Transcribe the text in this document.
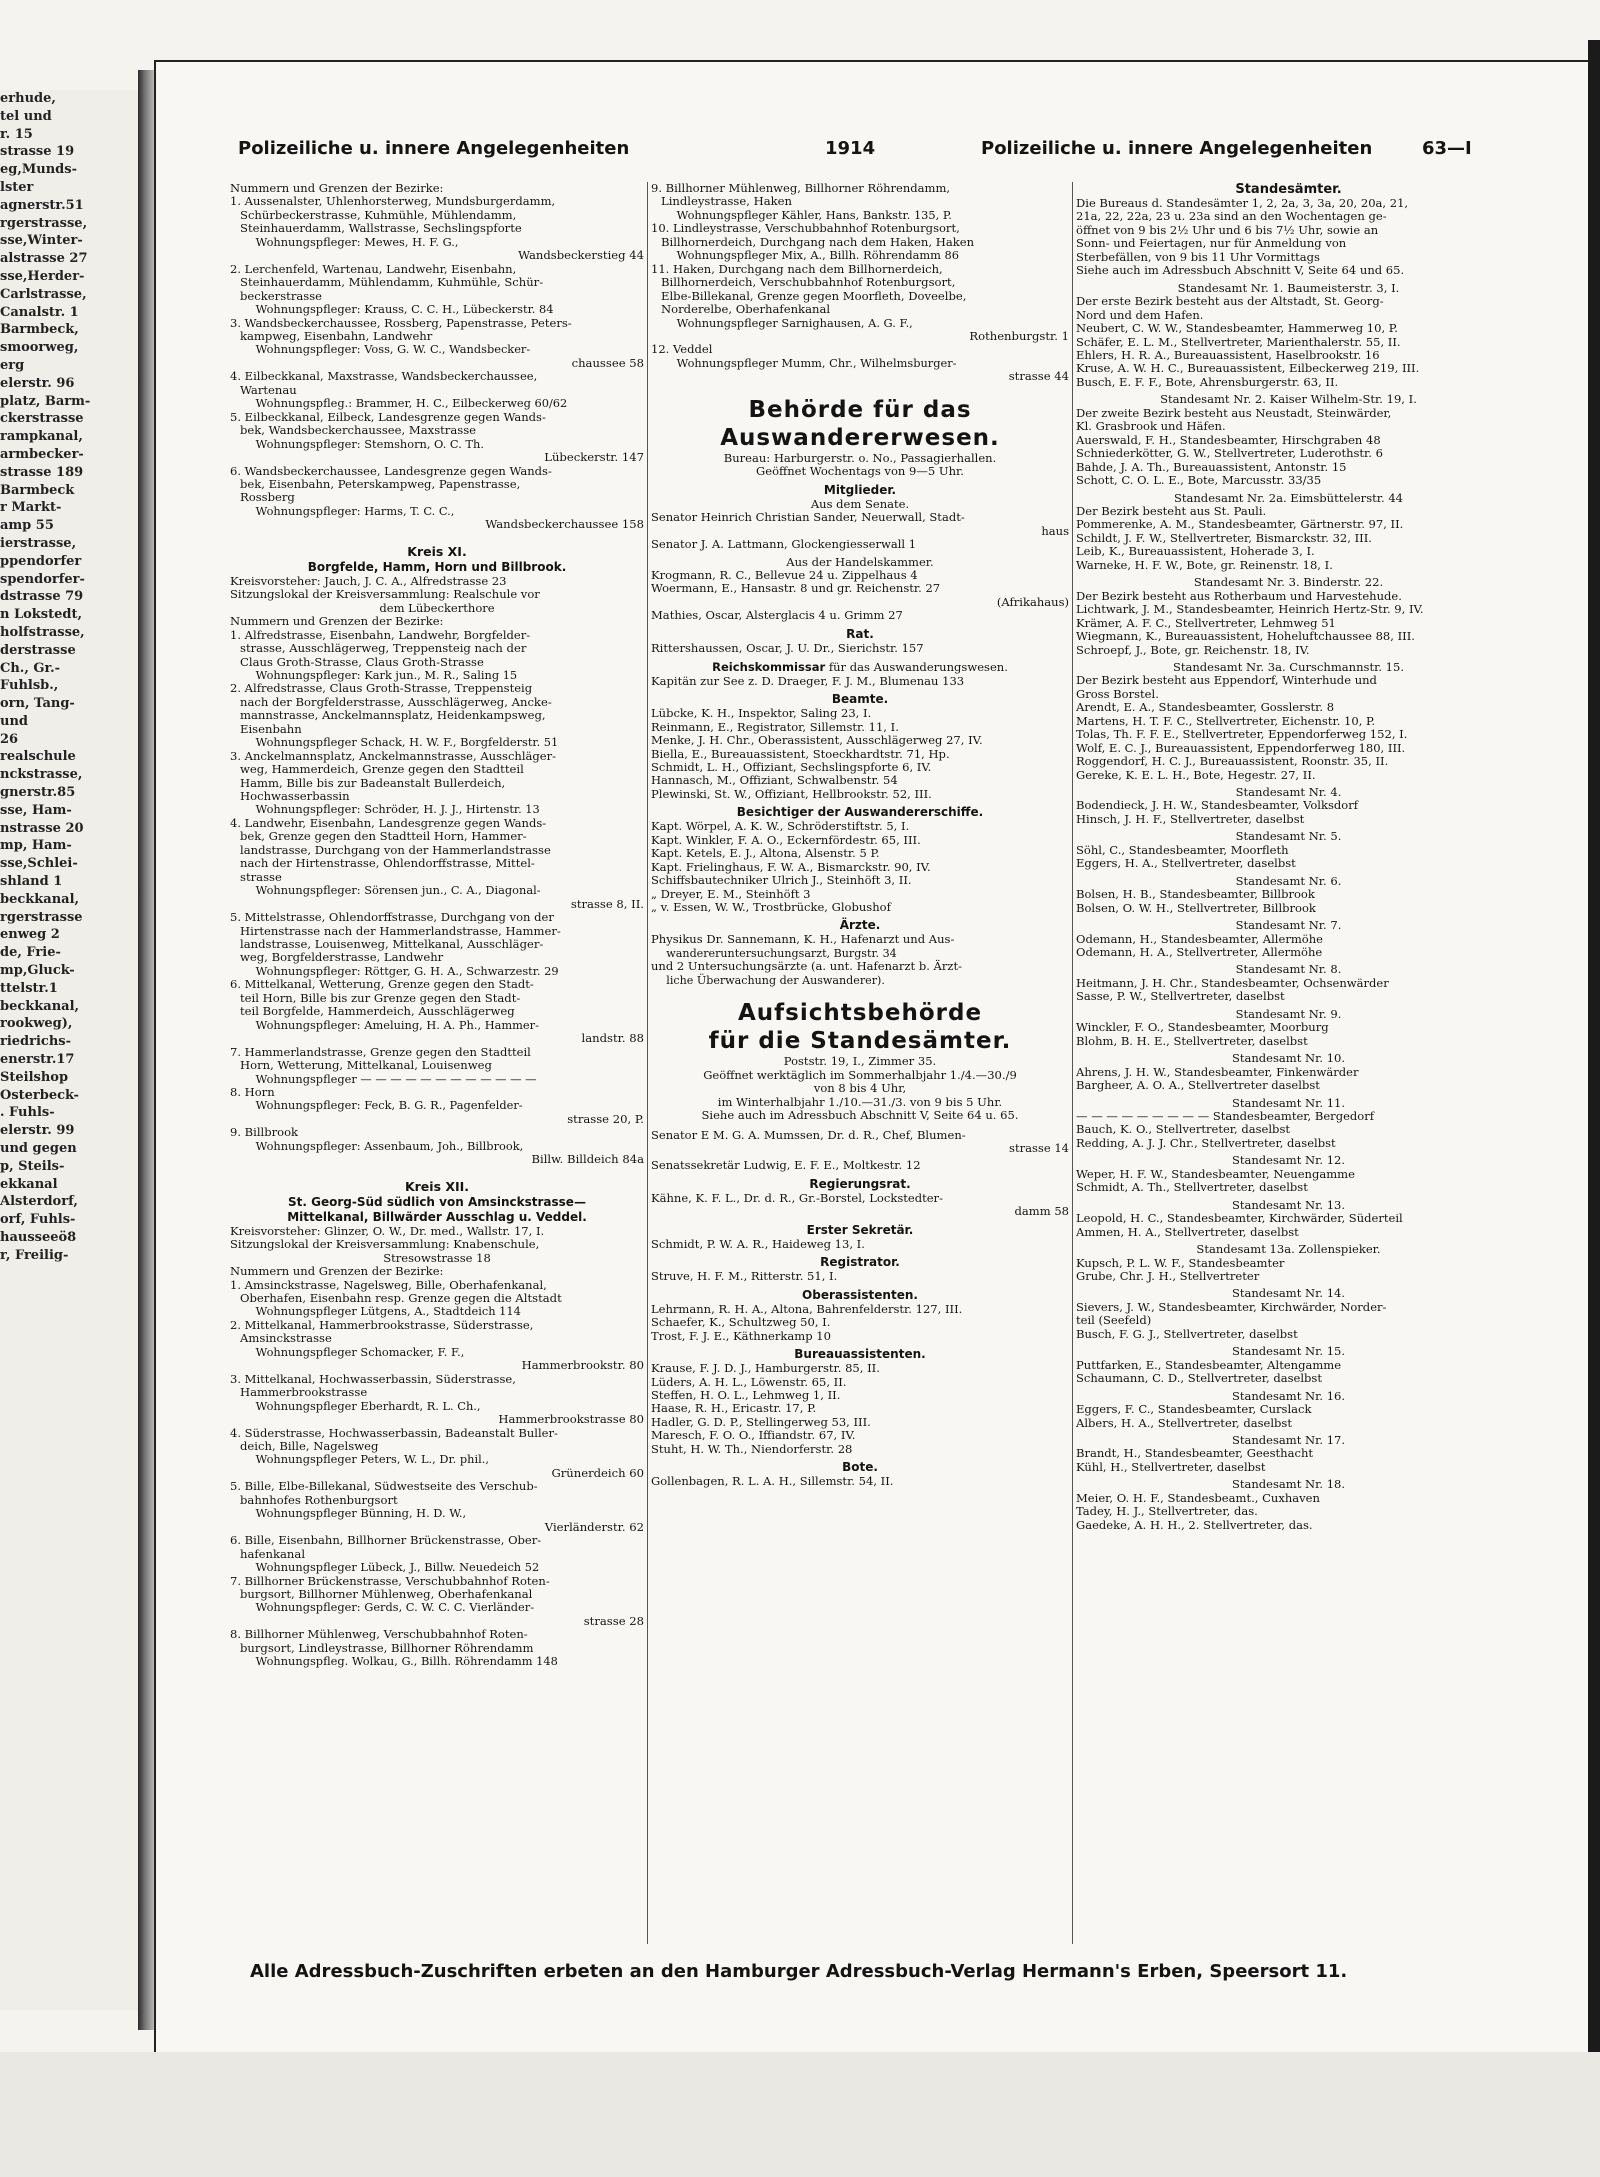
erhude,
tel und
r. 15
strasse 19
eg,Munds-
lster
agnerstr.51
rgerstrasse,
sse,Winter-
alstrasse 27
sse,Herder-
Carlstrasse,
Canalstr. 1
Barmbeck,
smoorweg,
erg
elerstr. 96
platz, Barm-
ckerstrasse
rampkanal,
armbecker-
strasse 189
Barmbeck
r Markt-
amp 55
ierstrasse,
ppendorfer
spendorfer-
dstrasse 79
n Lokstedt,
holfstrasse,
derstrasse
Ch., Gr.-
Fuhlsb.,
orn, Tang-
und
26
realschule
nckstrasse,
gnerstr.85
sse, Ham-
nstrasse 20
mp, Ham-
sse,Schlei-
shland 1
beckkanal,
rgerstrasse
enweg 2
de, Frie-
mp,Gluck-
ttelstr.1
beckkanal,
rookweg),
riedrichs-
enerstr.17
Steilshop
Osterbeck-
. Fuhls-
elerstr. 99
und gegen
p, Steils-
ekkanal
Alsterdorf,
orf, Fuhls-
hausseeö8
r, Freilig-
Polizeiliche u. innere Angelegenheiten	1914	Polizeiliche u. innere Angelegenheiten	63—I
Nummern und Grenzen der Bezirke:
1. Aussenalster, Uhlenhorsterweg, Mundsburgerdamm,
Schürbeckerstrasse, Kuhmühle, Mühlendamm,
Steinhauerdamm, Wallstrasse, Sechslingspforte
Wohnungspfleger: Mewes, H. F. G.,
Wandsbeckerstieg 44
2. Lerchenfeld, Wartenau, Landwehr, Eisenbahn,
Steinhauerdamm, Mühlendamm, Kuhmühle, Schür-
beckerstrasse
Wohnungspfleger: Krauss, C. C. H., Lübeckerstr. 84
3. Wandsbeckerchaussee, Rossberg, Papenstrasse, Peters-
kampweg, Eisenbahn, Landwehr
Wohnungspfleger: Voss, G. W. C., Wandsbecker-
chaussee 58
4. Eilbeckkanal, Maxstrasse, Wandsbeckerchaussee,
Wartenau
Wohnungspfleg.: Brammer, H. C., Eilbeckerweg 60/62
5. Eilbeckkanal, Eilbeck, Landesgrenze gegen Wands-
bek, Wandsbeckerchaussee, Maxstrasse
Wohnungspfleger: Stemshorn, O. C. Th.
Lübeckerstr. 147
6. Wandsbeckerchaussee, Landesgrenze gegen Wands-
bek, Eisenbahn, Peterskampweg, Papenstrasse,
Rossberg
Wohnungspfleger: Harms, T. C. C.,
Wandsbeckerchaussee 158
Kreis XI.
Borgfelde, Hamm, Horn und Billbrook.
Kreisvorsteher: Jauch, J. C. A., Alfredstrasse 23
Sitzungslokal der Kreisversammlung: Realschule vor
dem Lübeckerthore
Nummern und Grenzen der Bezirke:
1. Alfredstrasse, Eisenbahn, Landwehr, Borgfelder-
strasse, Ausschlägerweg, Treppensteig nach der
Claus Groth-Strasse, Claus Groth-Strasse
Wohnungspfleger: Kark jun., M. R., Saling 15
2. Alfredstrasse, Claus Groth-Strasse, Treppensteig
nach der Borgfelderstrasse, Ausschlägerweg, Ancke-
mannstrasse, Anckelmannsplatz, Heidenkampsweg,
Eisenbahn
Wohnungspfleger Schack, H. W. F., Borgfelderstr. 51
3. Anckelmannsplatz, Anckelmannstrasse, Ausschläger-
weg, Hammerdeich, Grenze gegen den Stadtteil
Hamm, Bille bis zur Badeanstalt Bullerdeich,
Hochwasserbassin
Wohnungspfleger: Schröder, H. J. J., Hirtenstr. 13
4. Landwehr, Eisenbahn, Landesgrenze gegen Wands-
bek, Grenze gegen den Stadtteil Horn, Hammer-
landstrasse, Durchgang von der Hammerlandstrasse
nach der Hirtenstrasse, Ohlendorffstrasse, Mittel-
strasse
Wohnungspfleger: Sörensen jun., C. A., Diagonal-
strasse 8, II.
5. Mittelstrasse, Ohlendorffstrasse, Durchgang von der
Hirtenstrasse nach der Hammerlandstrasse, Hammer-
landstrasse, Louisenweg, Mittelkanal, Ausschläger-
weg, Borgfelderstrasse, Landwehr
Wohnungspfleger: Röttger, G. H. A., Schwarzestr. 29
6. Mittelkanal, Wetterung, Grenze gegen den Stadt-
teil Horn, Bille bis zur Grenze gegen den Stadt-
teil Borgfelde, Hammerdeich, Ausschlägerweg
Wohnungspfleger: Ameluing, H. A. Ph., Hammer-
landstr. 88
7. Hammerlandstrasse, Grenze gegen den Stadtteil
Horn, Wetterung, Mittelkanal, Louisenweg
Wohnungspfleger — — — — — — — — — — — —
8. Horn
Wohnungspfleger: Feck, B. G. R., Pagenfelder-
strasse 20, P.
9. Billbrook
Wohnungspfleger: Assenbaum, Joh., Billbrook,
Billw. Billdeich 84a
Kreis XII.
St. Georg-Süd südlich von Amsinckstrasse—
Mittelkanal, Billwärder Ausschlag u. Veddel.
Kreisvorsteher: Glinzer, O. W., Dr. med., Wallstr. 17, I.
Sitzungslokal der Kreisversammlung: Knabenschule,
Stresowstrasse 18
Nummern und Grenzen der Bezirke:
1. Amsinckstrasse, Nagelsweg, Bille, Oberhafenkanal,
Oberhafen, Eisenbahn resp. Grenze gegen die Altstadt
Wohnungspfleger Lütgens, A., Stadtdeich 114
2. Mittelkanal, Hammerbrookstrasse, Süderstrasse,
Amsinckstrasse
Wohnungspfleger Schomacker, F. F.,
Hammerbrookstr. 80
3. Mittelkanal, Hochwasserbassin, Süderstrasse,
Hammerbrookstrasse
Wohnungspfleger Eberhardt, R. L. Ch.,
Hammerbrookstrasse 80
4. Süderstrasse, Hochwasserbassin, Badeanstalt Buller-
deich, Bille, Nagelsweg
Wohnungspfleger Peters, W. L., Dr. phil.,
Grünerdeich 60
5. Bille, Elbe-Billekanal, Südwestseite des Verschub-
bahnhofes Rothenburgsort
Wohnungspfleger Bünning, H. D. W.,
Vierländerstr. 62
6. Bille, Eisenbahn, Billhorner Brückenstrasse, Ober-
hafenkanal
Wohnungspfleger Lübeck, J., Billw. Neuedeich 52
7. Billhorner Brückenstrasse, Verschubbahnhof Roten-
burgsort, Billhorner Mühlenweg, Oberhafenkanal
Wohnungspfleger: Gerds, C. W. C. C. Vierländer-
strasse 28
8. Billhorner Mühlenweg, Verschubbahnhof Roten-
burgsort, Lindleystrasse, Billhorner Röhrendamm
Wohnungspfleg. Wolkau, G., Billh. Röhrendamm 148
9. Billhorner Mühlenweg, Billhorner Röhrendamm,
Lindleystrasse, Haken
Wohnungspfleger Kähler, Hans, Bankstr. 135, P.
10. Lindleystrasse, Verschubbahnhof Rotenburgsort,
Billhornerdeich, Durchgang nach dem Haken, Haken
Wohnungspfleger Mix, A., Billh. Röhrendamm 86
11. Haken, Durchgang nach dem Billhornerdeich,
Billhornerdeich, Verschubbahnhof Rotenburgsort,
Elbe-Billekanal, Grenze gegen Moorfleth, Doveelbe,
Norderelbe, Oberhafenkanal
Wohnungspfleger Sarnighausen, A. G. F.,
Rothenburgstr. 1
12. Veddel
Wohnungspfleger Mumm, Chr., Wilhelmsburger-
strasse 44
Behörde für das
Auswandererwesen.
Bureau: Harburgerstr. o. No., Passagierhallen.
Geöffnet Wochentags von 9—5 Uhr.
Mitglieder.
Aus dem Senate.
Senator Heinrich Christian Sander, Neuerwall, Stadt-
haus
Senator J. A. Lattmann, Glockengiesserwall 1
Aus der Handelskammer.
Krogmann, R. C., Bellevue 24 u. Zippelhaus 4
Woermann, E., Hansastr. 8 und gr. Reichenstr. 27
(Afrikahaus)
Mathies, Oscar, Alsterglacis 4 u. Grimm 27
Rat.
Rittershaussen, Oscar, J. U. Dr., Sierichstr. 157
Reichskommissar für das Auswanderungswesen.
Kapitän zur See z. D. Draeger, F. J. M., Blumenau 133
Beamte.
Lübcke, K. H., Inspektor, Saling 23, I.
Reinmann, E., Registrator, Sillemstr. 11, I.
Menke, J. H. Chr., Oberassistent, Ausschlägerweg 27, IV.
Biella, E., Bureauassistent, Stoeckhardtstr. 71, Hp.
Schmidt, L. H., Offiziant, Sechslingspforte 6, IV.
Hannasch, M., Offiziant, Schwalbenstr. 54
Plewinski, St. W., Offiziant, Hellbrookstr. 52, III.
Besichtiger der Auswandererschiffe.
Kapt. Wörpel, A. K. W., Schröderstiftstr. 5, I.
Kapt. Winkler, F. A. O., Eckernfördestr. 65, III.
Kapt. Ketels, E. J., Altona, Alsenstr. 5 P.
Kapt. Frielinghaus, F. W. A., Bismarckstr. 90, IV.
Schiffsbautechniker Ulrich J., Steinhöft 3, II.
„ Dreyer, E. M., Steinhöft 3
„ v. Essen, W. W., Trostbrücke, Globushof
Ärzte.
Physikus Dr. Sannemann, K. H., Hafenarzt und Aus-
wandereruntersuchungsarzt, Burgstr. 34
und 2 Untersuchungsärzte (a. unt. Hafenarzt b. Ärzt-
liche Überwachung der Auswanderer).
Aufsichtsbehörde
für die Standesämter.
Poststr. 19, I., Zimmer 35.
Geöffnet werktäglich im Sommerhalbjahr 1./4.—30./9
von 8 bis 4 Uhr,
im Winterhalbjahr 1./10.—31./3. von 9 bis 5 Uhr.
Siehe auch im Adressbuch Abschnitt V, Seite 64 u. 65.
Senator E M. G. A. Mumssen, Dr. d. R., Chef, Blumen-
strasse 14
Senatssekretär Ludwig, E. F. E., Moltkestr. 12
Regierungsrat.
Kähne, K. F. L., Dr. d. R., Gr.-Borstel, Lockstedter-
damm 58
Erster Sekretär.
Schmidt, P. W. A. R., Haideweg 13, I.
Registrator.
Struve, H. F. M., Ritterstr. 51, I.
Oberassistenten.
Lehrmann, R. H. A., Altona, Bahrenfelderstr. 127, III.
Schaefer, K., Schultzweg 50, I.
Trost, F. J. E., Käthnerkamp 10
Bureauassistenten.
Krause, F. J. D. J., Hamburgerstr. 85, II.
Lüders, A. H. L., Löwenstr. 65, II.
Steffen, H. O. L., Lehmweg 1, II.
Haase, R. H., Ericastr. 17, P.
Hadler, G. D. P., Stellingerweg 53, III.
Maresch, F. O. O., Iffiandstr. 67, IV.
Stuht, H. W. Th., Niendorferstr. 28
Bote.
Gollenbagen, R. L. A. H., Sillemstr. 54, II.
Standesämter.
Die Bureaus d. Standesämter 1, 2, 2a, 3, 3a, 20, 20a, 21,
21a, 22, 22a, 23 u. 23a sind an den Wochentagen ge-
öffnet von 9 bis 2½ Uhr und 6 bis 7½ Uhr, sowie an
Sonn- und Feiertagen, nur für Anmeldung von
Sterbefällen, von 9 bis 11 Uhr Vormittags
Siehe auch im Adressbuch Abschnitt V, Seite 64 und 65.
Standesamt Nr. 1. Baumeisterstr. 3, I.
Der erste Bezirk besteht aus der Altstadt, St. Georg-
Nord und dem Hafen.
Neubert, C. W. W., Standesbeamter, Hammerweg 10, P.
Schäfer, E. L. M., Stellvertreter, Marienthalerstr. 55, II.
Ehlers, H. R. A., Bureauassistent, Haselbrookstr. 16
Kruse, A. W. H. C., Bureauassistent, Eilbeckerweg 219, III.
Busch, E. F. F., Bote, Ahrensburgerstr. 63, II.
Standesamt Nr. 2. Kaiser Wilhelm-Str. 19, I.
Der zweite Bezirk besteht aus Neustadt, Steinwärder,
Kl. Grasbrook und Häfen.
Auerswald, F. H., Standesbeamter, Hirschgraben 48
Schniederkötter, G. W., Stellvertreter, Luderothstr. 6
Bahde, J. A. Th., Bureauassistent, Antonstr. 15
Schott, C. O. L. E., Bote, Marcusstr. 33/35
Standesamt Nr. 2a. Eimsbüttelerstr. 44
Der Bezirk besteht aus St. Pauli.
Pommerenke, A. M., Standesbeamter, Gärtnerstr. 97, II.
Schildt, J. F. W., Stellvertreter, Bismarckstr. 32, III.
Leib, K., Bureauassistent, Hoherade 3, I.
Warneke, H. F. W., Bote, gr. Reinenstr. 18, I.
Standesamt Nr. 3. Binderstr. 22.
Der Bezirk besteht aus Rotherbaum und Harvestehude.
Lichtwark, J. M., Standesbeamter, Heinrich Hertz-Str. 9, IV.
Krämer, A. F. C., Stellvertreter, Lehmweg 51
Wiegmann, K., Bureauassistent, Hoheluftchaussee 88, III.
Schroepf, J., Bote, gr. Reichenstr. 18, IV.
Standesamt Nr. 3a. Curschmannstr. 15.
Der Bezirk besteht aus Eppendorf, Winterhude und
Gross Borstel.
Arendt, E. A., Standesbeamter, Gosslerstr. 8
Martens, H. T. F. C., Stellvertreter, Eichenstr. 10, P.
Tolas, Th. F. F. E., Stellvertreter, Eppendorferweg 152, I.
Wolf, E. C. J., Bureauassistent, Eppendorferweg 180, III.
Roggendorf, H. C. J., Bureauassistent, Roonstr. 35, II.
Gereke, K. E. L. H., Bote, Hegestr. 27, II.
Standesamt Nr. 4.
Bodendieck, J. H. W., Standesbeamter, Volksdorf
Hinsch, J. H. F., Stellvertreter, daselbst
Standesamt Nr. 5.
Söhl, C., Standesbeamter, Moorfleth
Eggers, H. A., Stellvertreter, daselbst
Standesamt Nr. 6.
Bolsen, H. B., Standesbeamter, Billbrook
Bolsen, O. W. H., Stellvertreter, Billbrook
Standesamt Nr. 7.
Odemann, H., Standesbeamter, Allermöhe
Odemann, H. A., Stellvertreter, Allermöhe
Standesamt Nr. 8.
Heitmann, J. H. Chr., Standesbeamter, Ochsenwärder
Sasse, P. W., Stellvertreter, daselbst
Standesamt Nr. 9.
Winckler, F. O., Standesbeamter, Moorburg
Blohm, B. H. E., Stellvertreter, daselbst
Standesamt Nr. 10.
Ahrens, J. H. W., Standesbeamter, Finkenwärder
Bargheer, A. O. A., Stellvertreter daselbst
Standesamt Nr. 11.
— — — — — — — — — Standesbeamter, Bergedorf
Bauch, K. O., Stellvertreter, daselbst
Redding, A. J. J. Chr., Stellvertreter, daselbst
Standesamt Nr. 12.
Weper, H. F. W., Standesbeamter, Neuengamme
Schmidt, A. Th., Stellvertreter, daselbst
Standesamt Nr. 13.
Leopold, H. C., Standesbeamter, Kirchwärder, Süderteil
Ammen, H. A., Stellvertreter, daselbst
Standesamt 13a. Zollenspieker.
Kupsch, P. L. W. F., Standesbeamter
Grube, Chr. J. H., Stellvertreter
Standesamt Nr. 14.
Sievers, J. W., Standesbeamter, Kirchwärder, Norder-
teil (Seefeld)
Busch, F. G. J., Stellvertreter, daselbst
Standesamt Nr. 15.
Puttfarken, E., Standesbeamter, Altengamme
Schaumann, C. D., Stellvertreter, daselbst
Standesamt Nr. 16.
Eggers, F. C., Standesbeamter, Curslack
Albers, H. A., Stellvertreter, daselbst
Standesamt Nr. 17.
Brandt, H., Standesbeamter, Geesthacht
Kühl, H., Stellvertreter, daselbst
Standesamt Nr. 18.
Meier, O. H. F., Standesbeamt., Cuxhaven
Tadey, H. J., Stellvertreter, das.
Gaedeke, A. H. H., 2. Stellvertreter, das.
Alle Adressbuch-Zuschriften erbeten an den Hamburger Adressbuch-Verlag Hermann's Erben, Speersort 11.
